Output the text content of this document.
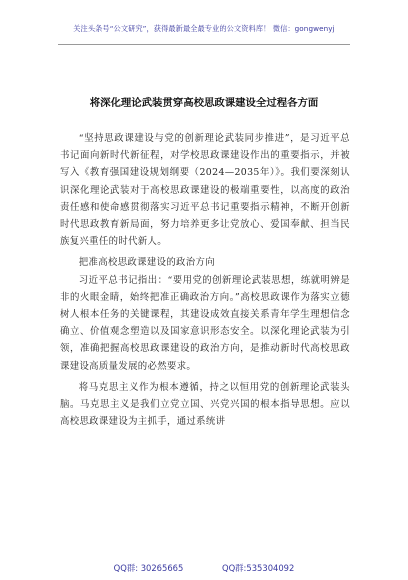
关注头条号“公文研究”，获得最新最全最专业的公文资料库！ 微信：gongwenyj
将深化理论武装贯穿高校思政课建设全过程各方面

“坚持思政课建设与党的创新理论武装同步推进”，是习近平总书记面向新时代新征程，对学校思政课建设作出的重要指示，并被写入《教育强国建设规划纲要（2024—2035年）》。我们要深刻认识深化理论武装对于高校思政课建设的极端重要性，以高度的政治责任感和使命感贯彻落实习近平总书记重要指示精神，不断开创新时代思政教育新局面，努力培养更多让党放心、爱国奉献、担当民族复兴重任的时代新人。

把准高校思政课建设的政治方向

习近平总书记指出：“要用党的创新理论武装思想，练就明辨是非的火眼金睛，始终把准正确政治方向。”高校思政课作为落实立德树人根本任务的关键课程，其建设成效直接关系青年学生理想信念确立、价值观念塑造以及国家意识形态安全。以深化理论武装为引领，准确把握高校思政课建设的政治方向，是推动新时代高校思政课建设高质量发展的必然要求。

将马克思主义作为根本遵循，持之以恒用党的创新理论武装头脑。马克思主义是我们立党立国、兴党兴国的根本指导思想。应以高校思政课建设为主抓手，通过系统讲

QQ群: 30265665	QQ群:535304092
